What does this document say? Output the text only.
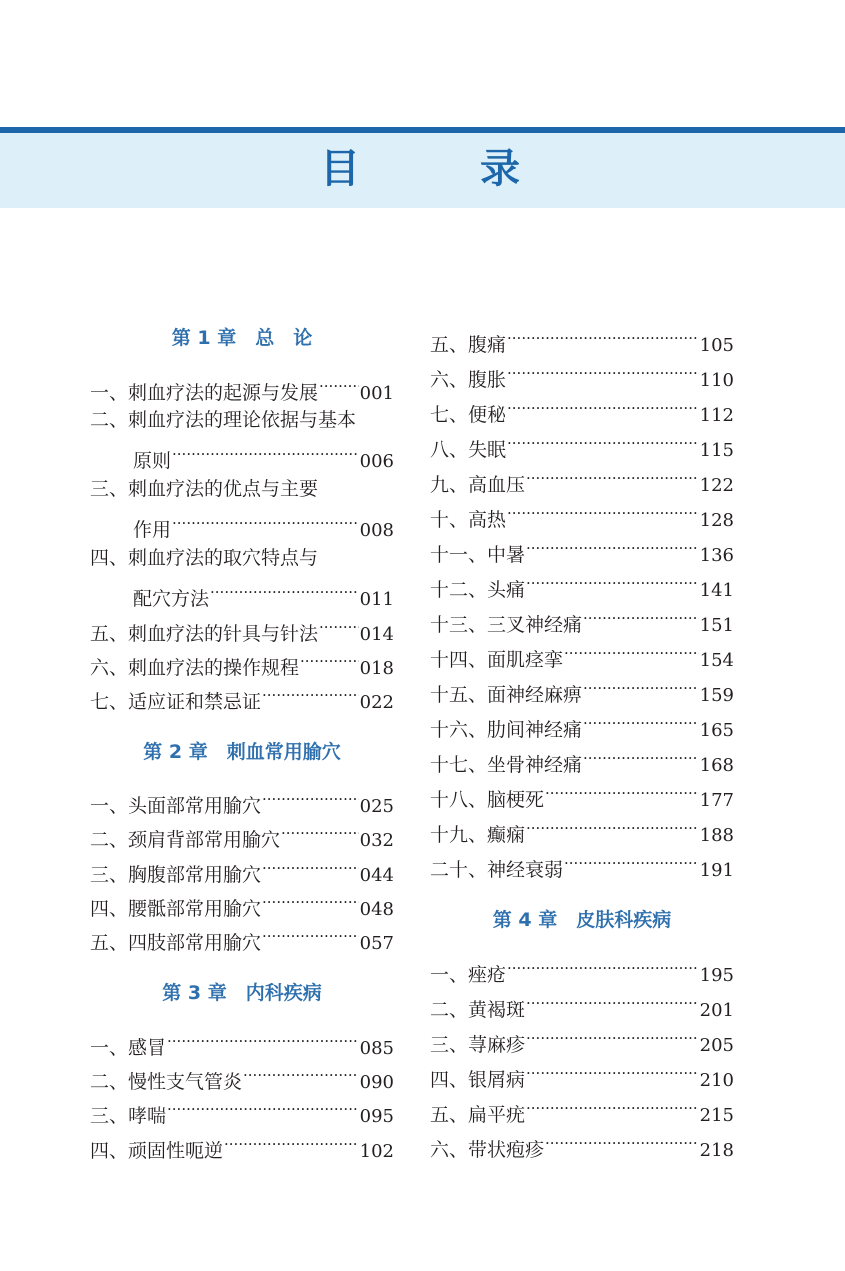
目　录
第 1 章　总　论
一、刺血疗法的起源与发展 ····· 001
二、刺血疗法的理论依据与基本
原则 ·····	006
三、刺血疗法的优点与主要
作用 ·····	008
四、刺血疗法的取穴特点与
配穴方法 ·····	011
五、刺血疗法的针具与针法 ····· 014
六、刺血疗法的操作规程 ·····	018
七、适应证和禁忌证 ·····	022
第 2 章　刺血常用腧穴
一、头面部常用腧穴 ·····	025
二、颈肩背部常用腧穴 ·····	032
三、胸腹部常用腧穴 ·····	044
四、腰骶部常用腧穴 ·····	048
五、四肢部常用腧穴 ·····	057
第 3 章　内科疾病
一、感冒 ·····	085
二、慢性支气管炎 ·····	090
三、哮喘 ·····	095
四、顽固性呃逆 ·····	102
五、腹痛 ·····	105
六、腹胀 ·····	110
七、便秘 ·····	112
八、失眠 ·····	115
九、高血压 ·····	122
十、高热 ·····	128
十一、中暑 ·····	136
十二、头痛 ·····	141
十三、三叉神经痛 ·····	151
十四、面肌痉挛 ·····	154
十五、面神经麻痹 ·····	159
十六、肋间神经痛 ·····	165
十七、坐骨神经痛 ·····	168
十八、脑梗死 ·····	177
十九、癫痫 ·····	188
二十、神经衰弱 ·····	191
第 4 章　皮肤科疾病
一、痤疮 ·····	195
二、黄褐斑 ·····	201
三、荨麻疹 ·····	205
四、银屑病 ·····	210
五、扁平疣 ·····	215
六、带状疱疹 ·····	218
